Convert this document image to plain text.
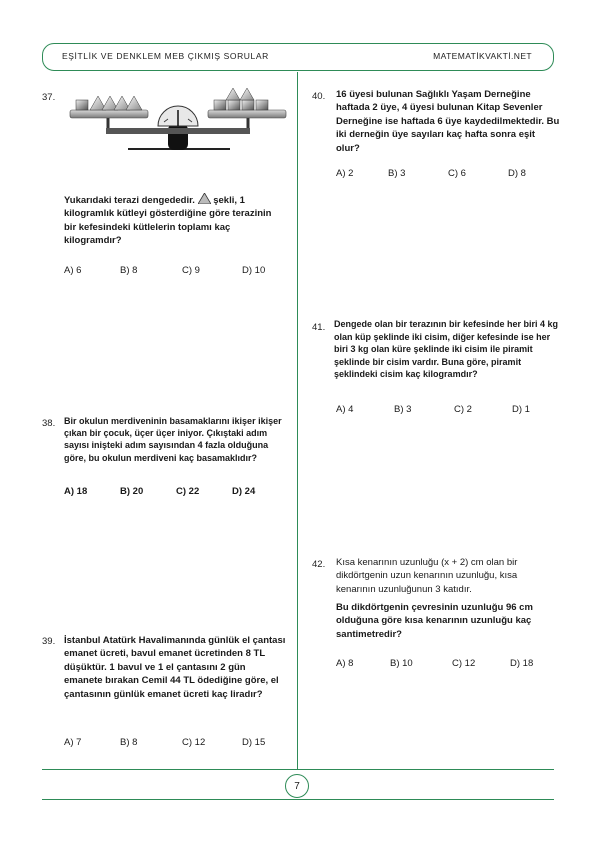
EŞİTLİK VE DENKLEM MEB ÇIKMIŞ SORULAR	MATEMATİKVAKTİ.NET
7
37.
Yukarıdaki terazi dengededir. şekli, 1 kilogramlık kütleyi gösterdiğine göre terazinin bir kefesindeki kütlelerin toplamı kaç kilogramdır?
A) 6	B) 8	C) 9	D) 10
38. Bir okulun merdiveninin basamaklarını ikişer ikişer çıkan bir çocuk, üçer üçer iniyor. Çıkıştaki adım sayısı inişteki adım sayısından 4 fazla olduğuna göre, bu okulun merdiveni kaç basamaklıdır?
A) 18	B) 20	C) 22	D) 24
39. İstanbul Atatürk Havalimanında günlük el çantası emanet ücreti, bavul emanet ücretinden 8 TL düşüktür. 1 bavul ve 1 el çantasını 2 gün emanete bırakan Cemil 44 TL ödediğine göre, el çantasının günlük emanet ücreti kaç liradır?
A) 7	B) 8	C) 12	D) 15
40. 16 üyesi bulunan Sağlıklı Yaşam Derneğine haftada 2 üye, 4 üyesi bulunan Kitap Sevenler Derneğine ise haftada 6 üye kaydedilmektedir. Bu iki derneğin üye sayıları kaç hafta sonra eşit olur?
A) 2	B) 3	C) 6	D) 8
41. Dengede olan bir terazının bir kefesinde her biri 4 kg olan küp şeklinde iki cisim, diğer kefesinde ise her biri 3 kg olan küre şeklinde iki cisim ile piramit şeklinde bir cisim vardır. Buna göre, piramit şeklindeki cisim kaç kilogramdır?
A) 4	B) 3	C) 2	D) 1
42. Kısa kenarının uzunluğu (x + 2) cm olan bir dikdörtgenin uzun kenarının uzunluğu, kısa kenarının uzunluğunun 3 katıdır.
Bu dikdörtgenin çevresinin uzunluğu 96 cm olduğuna göre kısa kenarının uzunluğu kaç santimetredir?
A) 8	B) 10	C) 12	D) 18
